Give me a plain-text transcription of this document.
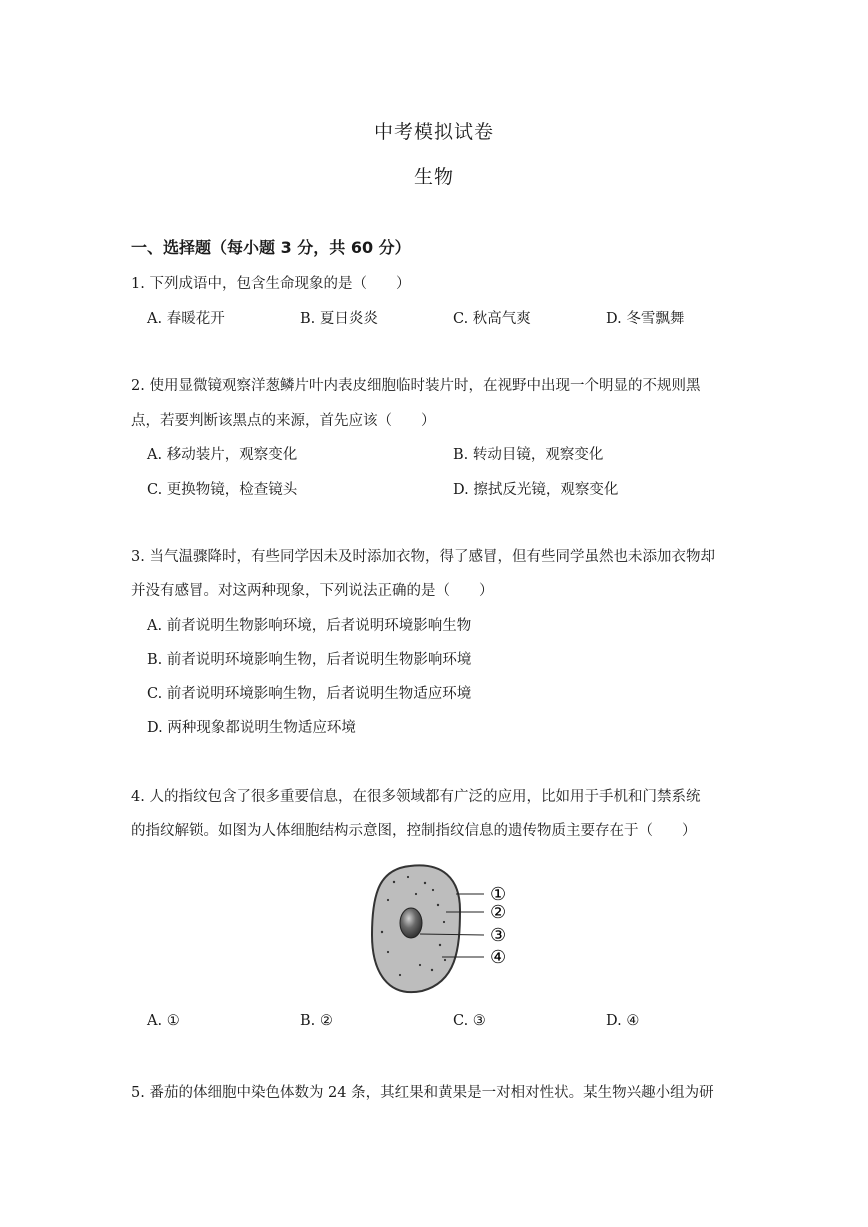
中考模拟试卷
生物
一、选择题（每小题 3 分，共 60 分）
1. 下列成语中，包含生命现象的是（　　）
A. 春暖花开	B. 夏日炎炎	C. 秋高气爽	D. 冬雪飘舞
2. 使用显微镜观察洋葱鳞片叶内表皮细胞临时装片时，在视野中出现一个明显的不规则黑
点，若要判断该黑点的来源，首先应该（　　）
A. 移动装片，观察变化	B. 转动目镜，观察变化
C. 更换物镜，检查镜头	D. 擦拭反光镜，观察变化
3. 当气温骤降时，有些同学因未及时添加衣物，得了感冒，但有些同学虽然也未添加衣物却
并没有感冒。对这两种现象，下列说法正确的是（　　）
A. 前者说明生物影响环境，后者说明环境影响生物
B. 前者说明环境影响生物，后者说明生物影响环境
C. 前者说明环境影响生物，后者说明生物适应环境
D. 两种现象都说明生物适应环境
4. 人的指纹包含了很多重要信息，在很多领域都有广泛的应用，比如用于手机和门禁系统
的指纹解锁。如图为人体细胞结构示意图，控制指纹信息的遗传物质主要存在于（　　）
①
②
③
④
A. ①	B. ②	C. ③	D. ④
5. 番茄的体细胞中染色体数为 24 条，其红果和黄果是一对相对性状。某生物兴趣小组为研
